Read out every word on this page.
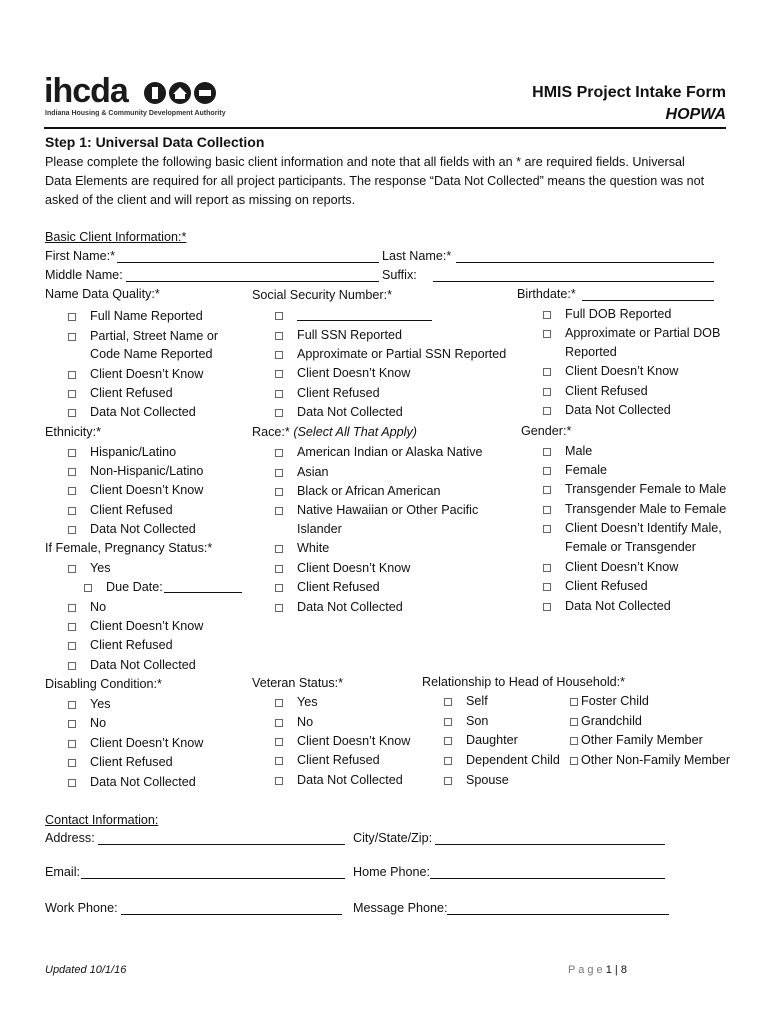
ihcda
Indiana Housing & Community Development Authority
HMIS Project Intake Form
HOPWA
Step 1: Universal Data Collection
Please complete the following basic client information and note that all fields with an * are required fields. Universal
Data Elements are required for all project participants. The response “Data Not Collected” means the question was not
asked of the client and will report as missing on reports.
Basic Client Information:*
First Name:*	Last Name:*
Middle Name:	Suffix:
Name Data Quality:*
Full Name Reported
Partial, Street Name or
Code Name Reported
Client Doesn’t Know
Client Refused
Data Not Collected
Social Security Number:*
Full SSN Reported
Approximate or Partial SSN Reported
Client Doesn’t Know
Client Refused
Data Not Collected
Birthdate:*
Full DOB Reported
Approximate or Partial DOB
Reported
Client Doesn’t Know
Client Refused
Data Not Collected
Ethnicity:*
Hispanic/Latino
Non-Hispanic/Latino
Client Doesn’t Know
Client Refused
Data Not Collected
Race:* (Select All That Apply)
American Indian or Alaska Native
Asian
Black or African American
Native Hawaiian or Other Pacific
Islander
White
Client Doesn’t Know
Client Refused
Data Not Collected
Gender:*
Male
Female
Transgender Female to Male
Transgender Male to Female
Client Doesn’t Identify Male,
Female or Transgender
Client Doesn’t Know
Client Refused
Data Not Collected
If Female, Pregnancy Status:*
Yes
Due Date:
No
Client Doesn’t Know
Client Refused
Data Not Collected
Disabling Condition:*
Yes
No
Client Doesn’t Know
Client Refused
Data Not Collected
Veteran Status:*
Yes
No
Client Doesn’t Know
Client Refused
Data Not Collected
Relationship to Head of Household:*
Self
Son
Daughter
Dependent Child
Spouse
Foster Child
Grandchild
Other Family Member
Other Non-Family Member
Contact Information:
Address:	City/State/Zip:
Email:	Home Phone:
Work Phone:	Message Phone:
Updated 10/1/16	P a g e 1 | 8
